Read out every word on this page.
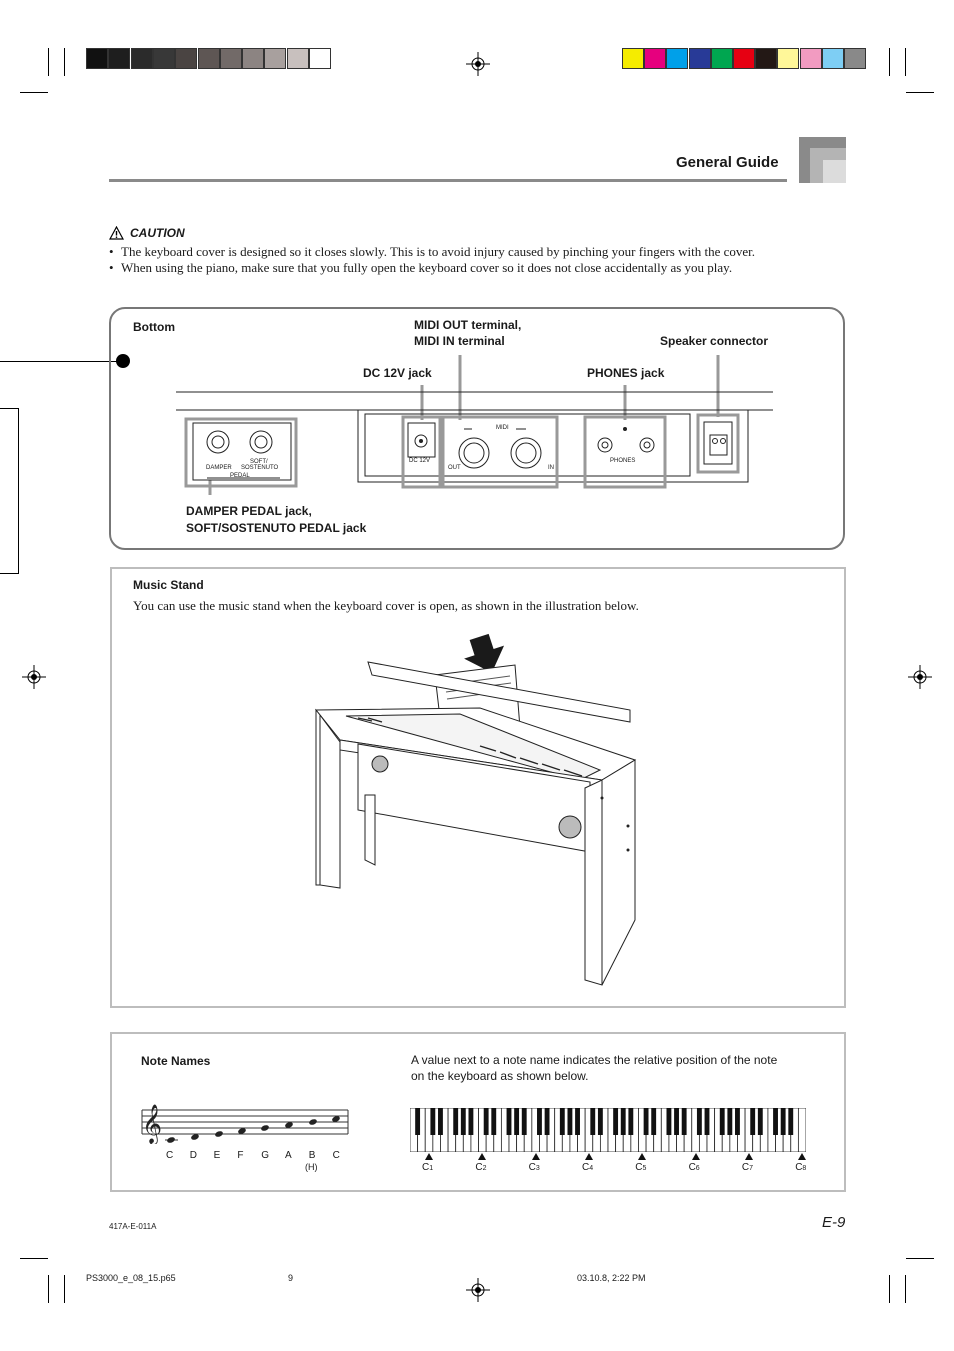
General Guide
CAUTION
• The keyboard cover is designed so it closes slowly. This is to avoid injury caused by pinching your fingers with the cover.
• When using the piano, make sure that you fully open the keyboard cover so it does not close accidentally as you play.
Bottom	MIDI OUT terminal,
MIDI IN terminal	Speaker connector
DC 12V jack	PHONES jack
DAMPER PEDAL jack,
SOFT/SOSTENUTO PEDAL jack
DAMPER
SOFT/
SOSTENUTO
PEDAL
DC 12V
MIDI
OUT	IN
PHONES
Music Stand
You can use the music stand when the keyboard cover is open, as shown in the illustration below.
Note Names	A value next to a note name indicates the relative position of the note
on the keyboard as shown below.
𝄞
C D E F G A B C
(H)	C1	C2	C3	C4	C5	C6	C7	C8
417A-E-011A	E-9
PS3000_e_08_15.p65	9	03.10.8, 2:22 PM
